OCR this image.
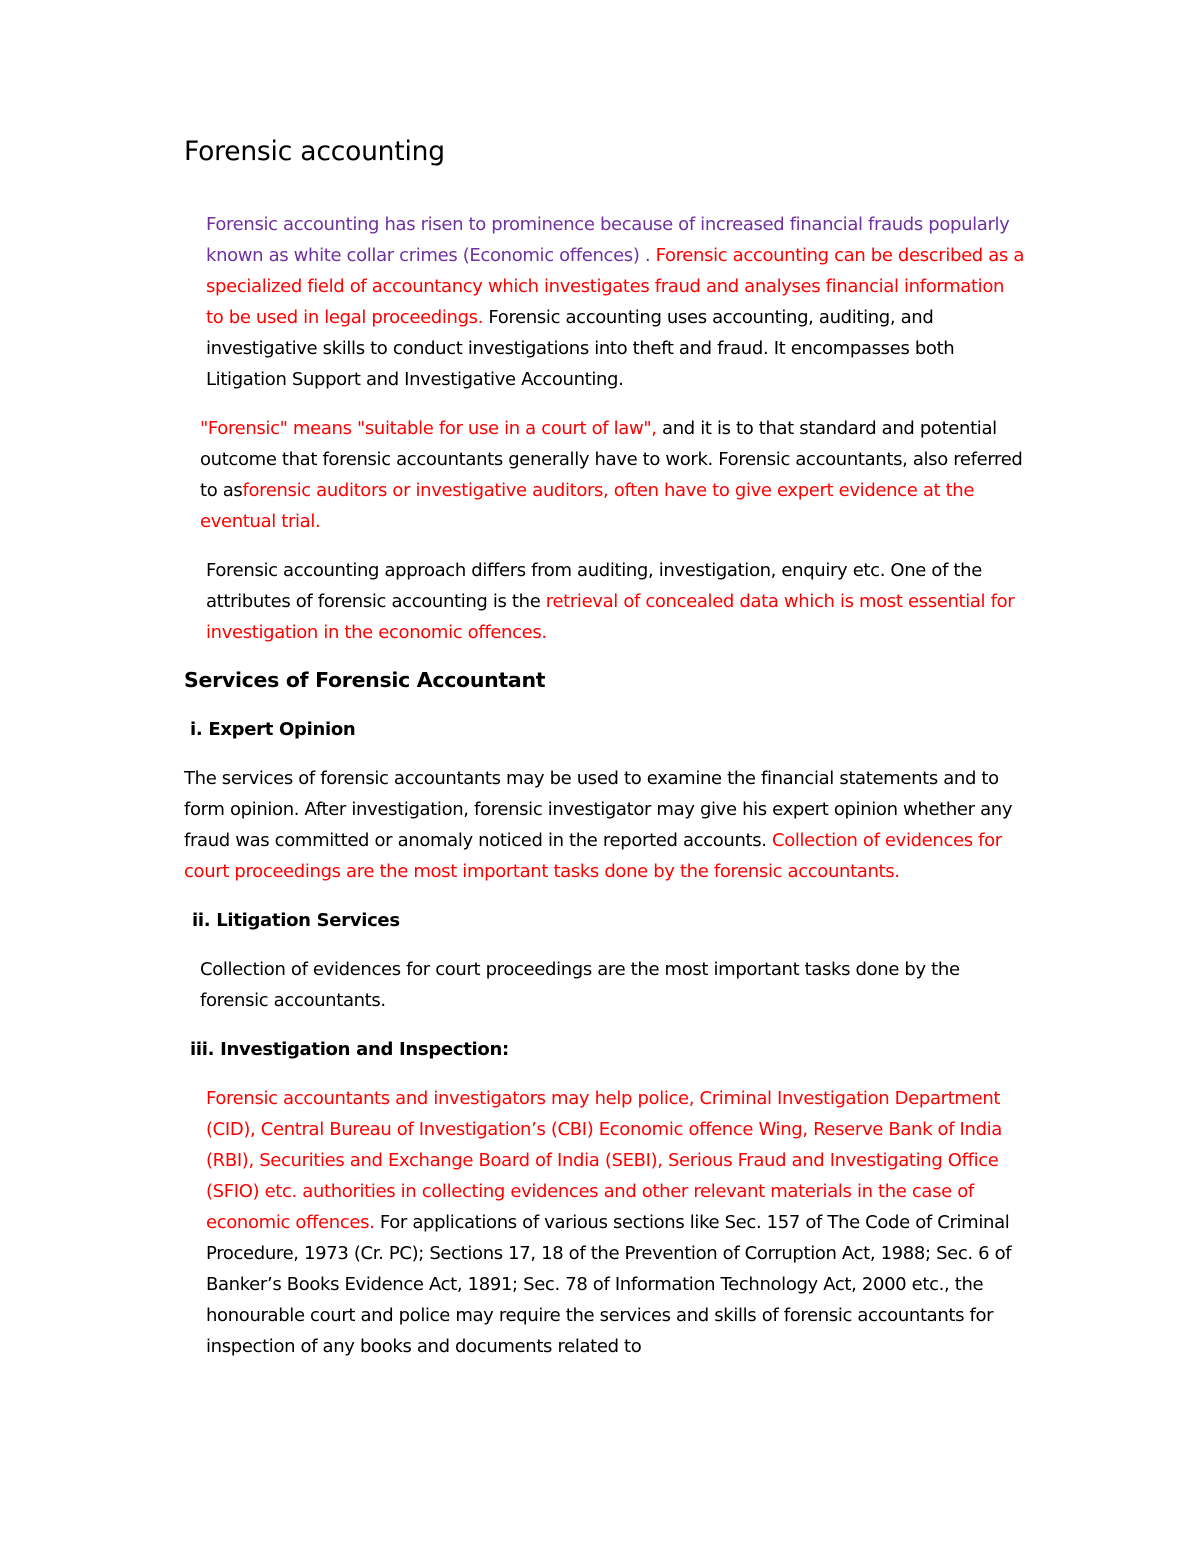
Forensic accounting

Forensic accounting has risen to prominence because of increased financial frauds popularly known as white collar crimes (Economic offences) . Forensic accounting can be described as a specialized field of accountancy which investigates fraud and analyses financial information to be used in legal proceedings. Forensic accounting uses accounting, auditing, and investigative skills to conduct investigations into theft and fraud. It encompasses both Litigation Support and Investigative Accounting.

"Forensic" means "suitable for use in a court of law", and it is to that standard and potential outcome that forensic accountants generally have to work. Forensic accountants, also referred to asforensic auditors or investigative auditors, often have to give expert evidence at the eventual trial.

Forensic accounting approach differs from auditing, investigation, enquiry etc. One of the attributes of forensic accounting is the retrieval of concealed data which is most essential for investigation in the economic offences.

Services of Forensic Accountant
i. Expert Opinion

The services of forensic accountants may be used to examine the financial statements and to form opinion. After investigation, forensic investigator may give his expert opinion whether any fraud was committed or anomaly noticed in the reported accounts. Collection of evidences for court proceedings are the most important tasks done by the forensic accountants.

ii. Litigation Services

Collection of evidences for court proceedings are the most important tasks done by the forensic accountants.

iii. Investigation and Inspection:

Forensic accountants and investigators may help police, Criminal Investigation Department (CID), Central Bureau of Investigation’s (CBI) Economic offence Wing, Reserve Bank of India (RBI), Securities and Exchange Board of India (SEBI), Serious Fraud and Investigating Office (SFIO) etc. authorities in collecting evidences and other relevant materials in the case of economic offences. For applications of various sections like Sec. 157 of The Code of Criminal Procedure, 1973 (Cr. PC); Sections 17, 18 of the Prevention of Corruption Act, 1988; Sec. 6 of Banker’s Books Evidence Act, 1891; Sec. 78 of Information Technology Act, 2000 etc., the honourable court and police may require the services and skills of forensic accountants for inspection of any books and documents related to
